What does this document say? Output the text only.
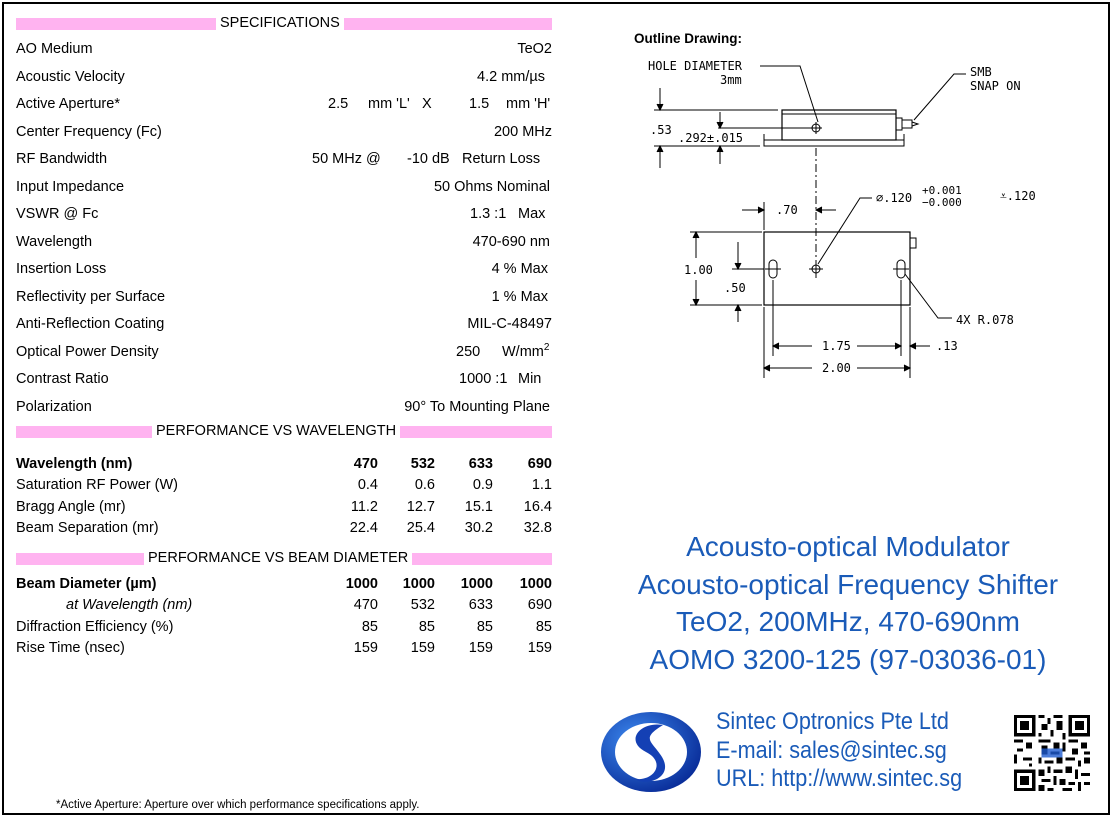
SPECIFICATIONS
AO Medium	TeO2
Acoustic Velocity	4.2 mm/µs
Active Aperture*	2.5 mm 'L' X	1.5 mm 'H'
Center Frequency (Fc)	200 MHz
RF Bandwidth	50 MHz @ -10 dB Return Loss
Input Impedance	50 Ohms Nominal
VSWR @ Fc	1.3 :1 Max
Wavelength	470-690 nm
Insertion Loss	4 % Max
Reflectivity per Surface	1 % Max
Anti-Reflection Coating	MIL-C-48497
Optical Power Density	250 $W/mm^2$
Contrast Ratio	1000 :1 Min
Polarization	90° To Mounting Plane
PERFORMANCE VS WAVELENGTH
Wavelength (nm)	470	532	633	690
Saturation RF Power (W)	0.4	0.6	0.9	1.1
Bragg Angle (mr)	11.2	12.7	15.1	16.4
Beam Separation (mr)	22.4	25.4	30.2	32.8
PERFORMANCE VS BEAM DIAMETER
Beam Diameter (µm)	1000	1000	1000	1000
at Wavelength (nm)	470	532	633	690
Diffraction Efficiency (%)	85	85	85	85
Rise Time (nsec)	159	159	159	159
*Active Aperture: Aperture over which performance specifications apply.
Outline Drawing:
HOLE DIAMETER
3mm
SMB
SNAP ON
.53
.292±.015
⌀.120
+0.001
−0.000	⩡.120
.70
1.00
.50
4X R.078
1.75	.13
2.00
Acousto-optical Modulator
Acousto-optical Frequency Shifter
TeO2, 200MHz, 470-690nm
AOMO 3200-125 (97-03036-01)
Sintec Optronics Pte Ltd
E-mail: sales@sintec.sg
URL: http://www.sintec.sg
